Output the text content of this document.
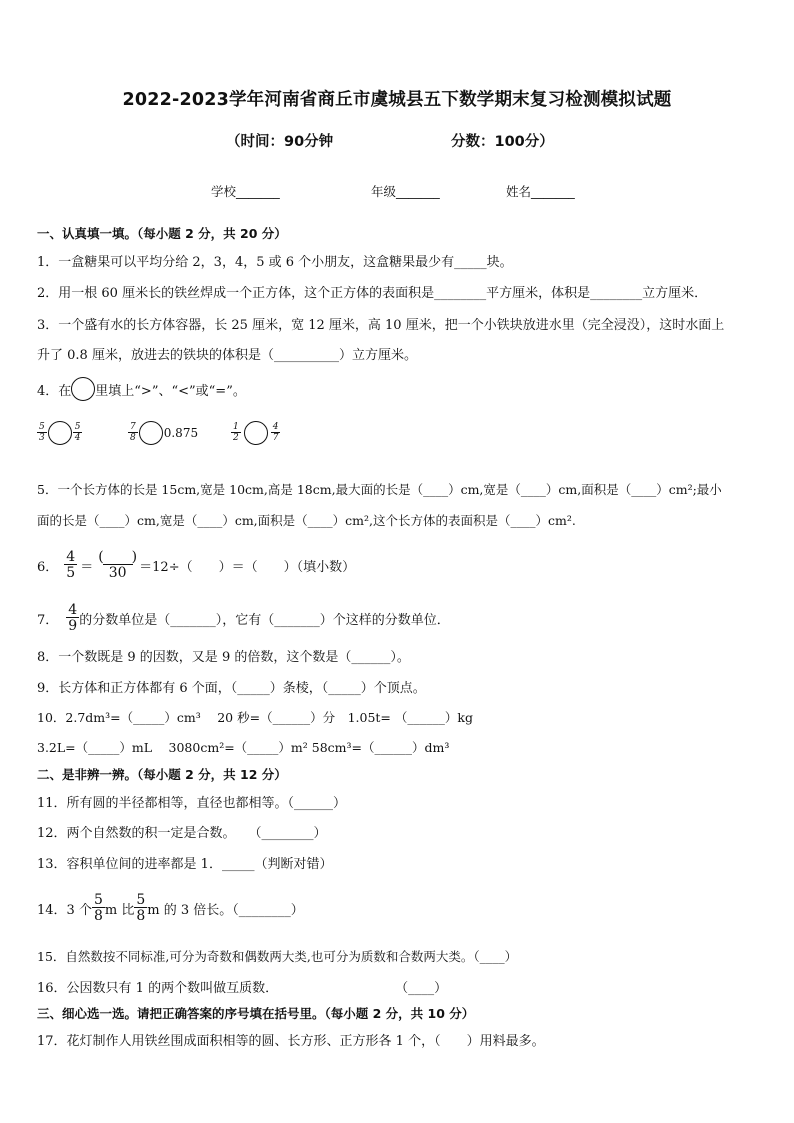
2022-2023学年河南省商丘市虞城县五下数学期末复习检测模拟试题
（时间：90分钟	分数：100分）
学校_______	年级_______	姓名_______
一、认真填一填。（每小题 2 分，共 20 分）
1．一盒糖果可以平均分给 2，3，4，5 或 6 个小朋友，这盒糖果最少有_____块。
2．用一根 60 厘米长的铁丝焊成一个正方体，这个正方体的表面积是________平方厘米，体积是________立方厘米．
3．一个盛有水的长方体容器，长 25 厘米，宽 12 厘米，高 10 厘米，把一个小铁块放进水里（完全浸没），这时水面上
升了 0.8 厘米，放进去的铁块的体积是（__________）立方厘米。
4．在 里填上“>”、“<”或“=”。
$\frac{5}{3}$	$\frac{5}{4}$	$\frac{7}{8} 0.875$	$\frac{1}{2}$	$\frac{4}{7}$
5．一个长方体的长是 15cm,宽是 10cm,高是 18cm,最大面的长是（____）cm,宽是（____）cm,面积是（____）cm²;最小
面的长是（____）cm,宽是（____）cm,面积是（____）cm²,这个长方体的表面积是（____）cm².
6． $\frac{4}{5} = \frac{( )}{30} =12\div$（　　）＝（　　）（填小数）
7． $\frac{4}{9}$ 的分数单位是（_______），它有（_______）个这样的分数单位．
8．一个数既是 9 的因数，又是 9 的倍数，这个数是（______）。
9．长方体和正方体都有 6 个面，（_____）条棱，（_____）个顶点。
10．2.7dm³=（_____）cm³　 20 秒=（______）分　1.05t= （______）kg
3.2L=（_____）mL　 3080cm²=（_____）m² 58cm³=（______）dm³
二、是非辨一辨。（每小题 2 分，共 12 分）
11．所有圆的半径都相等，直径也都相等。（______）
12．两个自然数的积一定是合数。　　（________）
13．容积单位间的进率都是 1．_____（判断对错）
14．3 个 $\frac{5}{8}$ m 比 $\frac{5}{8}$ m 的 3 倍长。（________）
15．自然数按不同标准,可分为奇数和偶数两大类,也可分为质数和合数两大类。（____）
16．公因数只有 1 的两个数叫做互质数．　　　　　　　　　　（____）
三、细心选一选。请把正确答案的序号填在括号里。（每小题 2 分，共 10 分）
17．花灯制作人用铁丝围成面积相等的圆、长方形、正方形各 1 个，（　　）用料最多。
